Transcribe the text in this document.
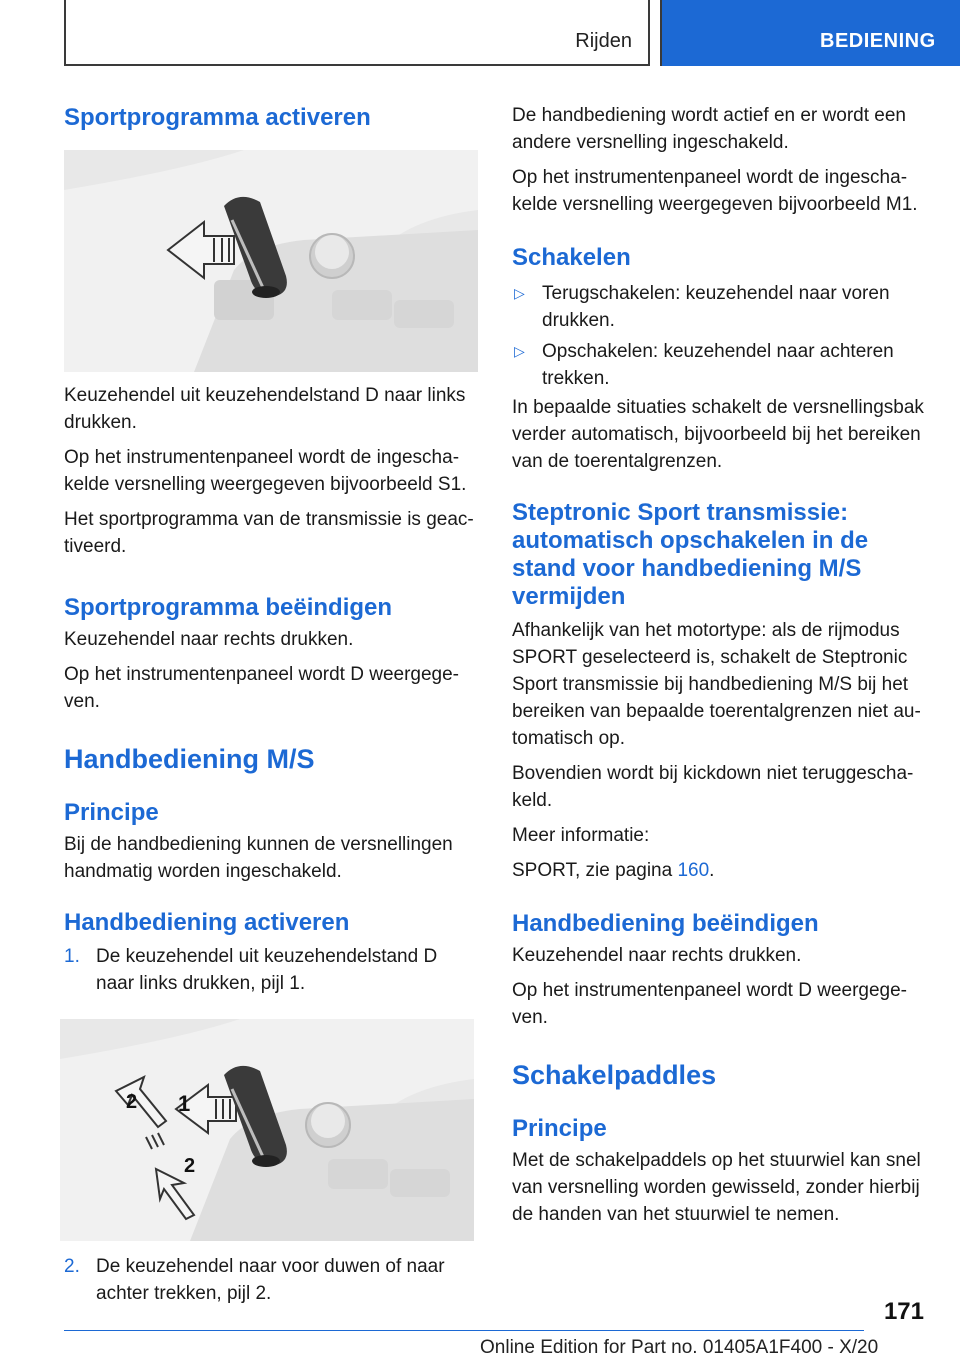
Rijden	BEDIENING
Sportprogramma activeren

Keuzehendel uit keuzehendelstand D naar links drukken.

Op het instrumentenpaneel wordt de ingescha-kelde versnelling weergegeven bijvoorbeeld S1.

Het sportprogramma van de transmissie is geac-tiveerd.

Sportprogramma beëindigen

Keuzehendel naar rechts drukken.

Op het instrumentenpaneel wordt D weergege-ven.

Handbediening M/S
Principe

Bij de handbediening kunnen de versnellingen handmatig worden ingeschakeld.

Handbediening activeren
1. De keuzehendel uit keuzehendelstand D naar links drukken, pijl 1.
1
2
2
2. De keuzehendel naar voor duwen of naar achter trekken, pijl 2.

De handbediening wordt actief en er wordt een andere versnelling ingeschakeld.

Op het instrumentenpaneel wordt de ingescha-kelde versnelling weergegeven bijvoorbeeld M1.

Schakelen
▷ Terugschakelen: keuzehendel naar voren drukken.
▷ Opschakelen: keuzehendel naar achteren trekken.

In bepaalde situaties schakelt de versnellingsbak verder automatisch, bijvoorbeeld bij het bereiken van de toerentalgrenzen.

Steptronic Sport transmissie: automatisch opschakelen in de stand voor handbediening M/S vermijden

Afhankelijk van het motortype: als de rijmodus SPORT geselecteerd is, schakelt de Steptronic Sport transmissie bij handbediening M/S bij het bereiken van bepaalde toerentalgrenzen niet au-tomatisch op.

Bovendien wordt bij kickdown niet teruggescha-keld.

Meer informatie:

SPORT, zie pagina 160.

Handbediening beëindigen

Keuzehendel naar rechts drukken.

Op het instrumentenpaneel wordt D weergege-ven.

Schakelpaddles
Principe

Met de schakelpaddels op het stuurwiel kan snel van versnelling worden gewisseld, zonder hierbij de handen van het stuurwiel te nemen.

171
Online Edition for Part no. 01405A1F400 - X/20
